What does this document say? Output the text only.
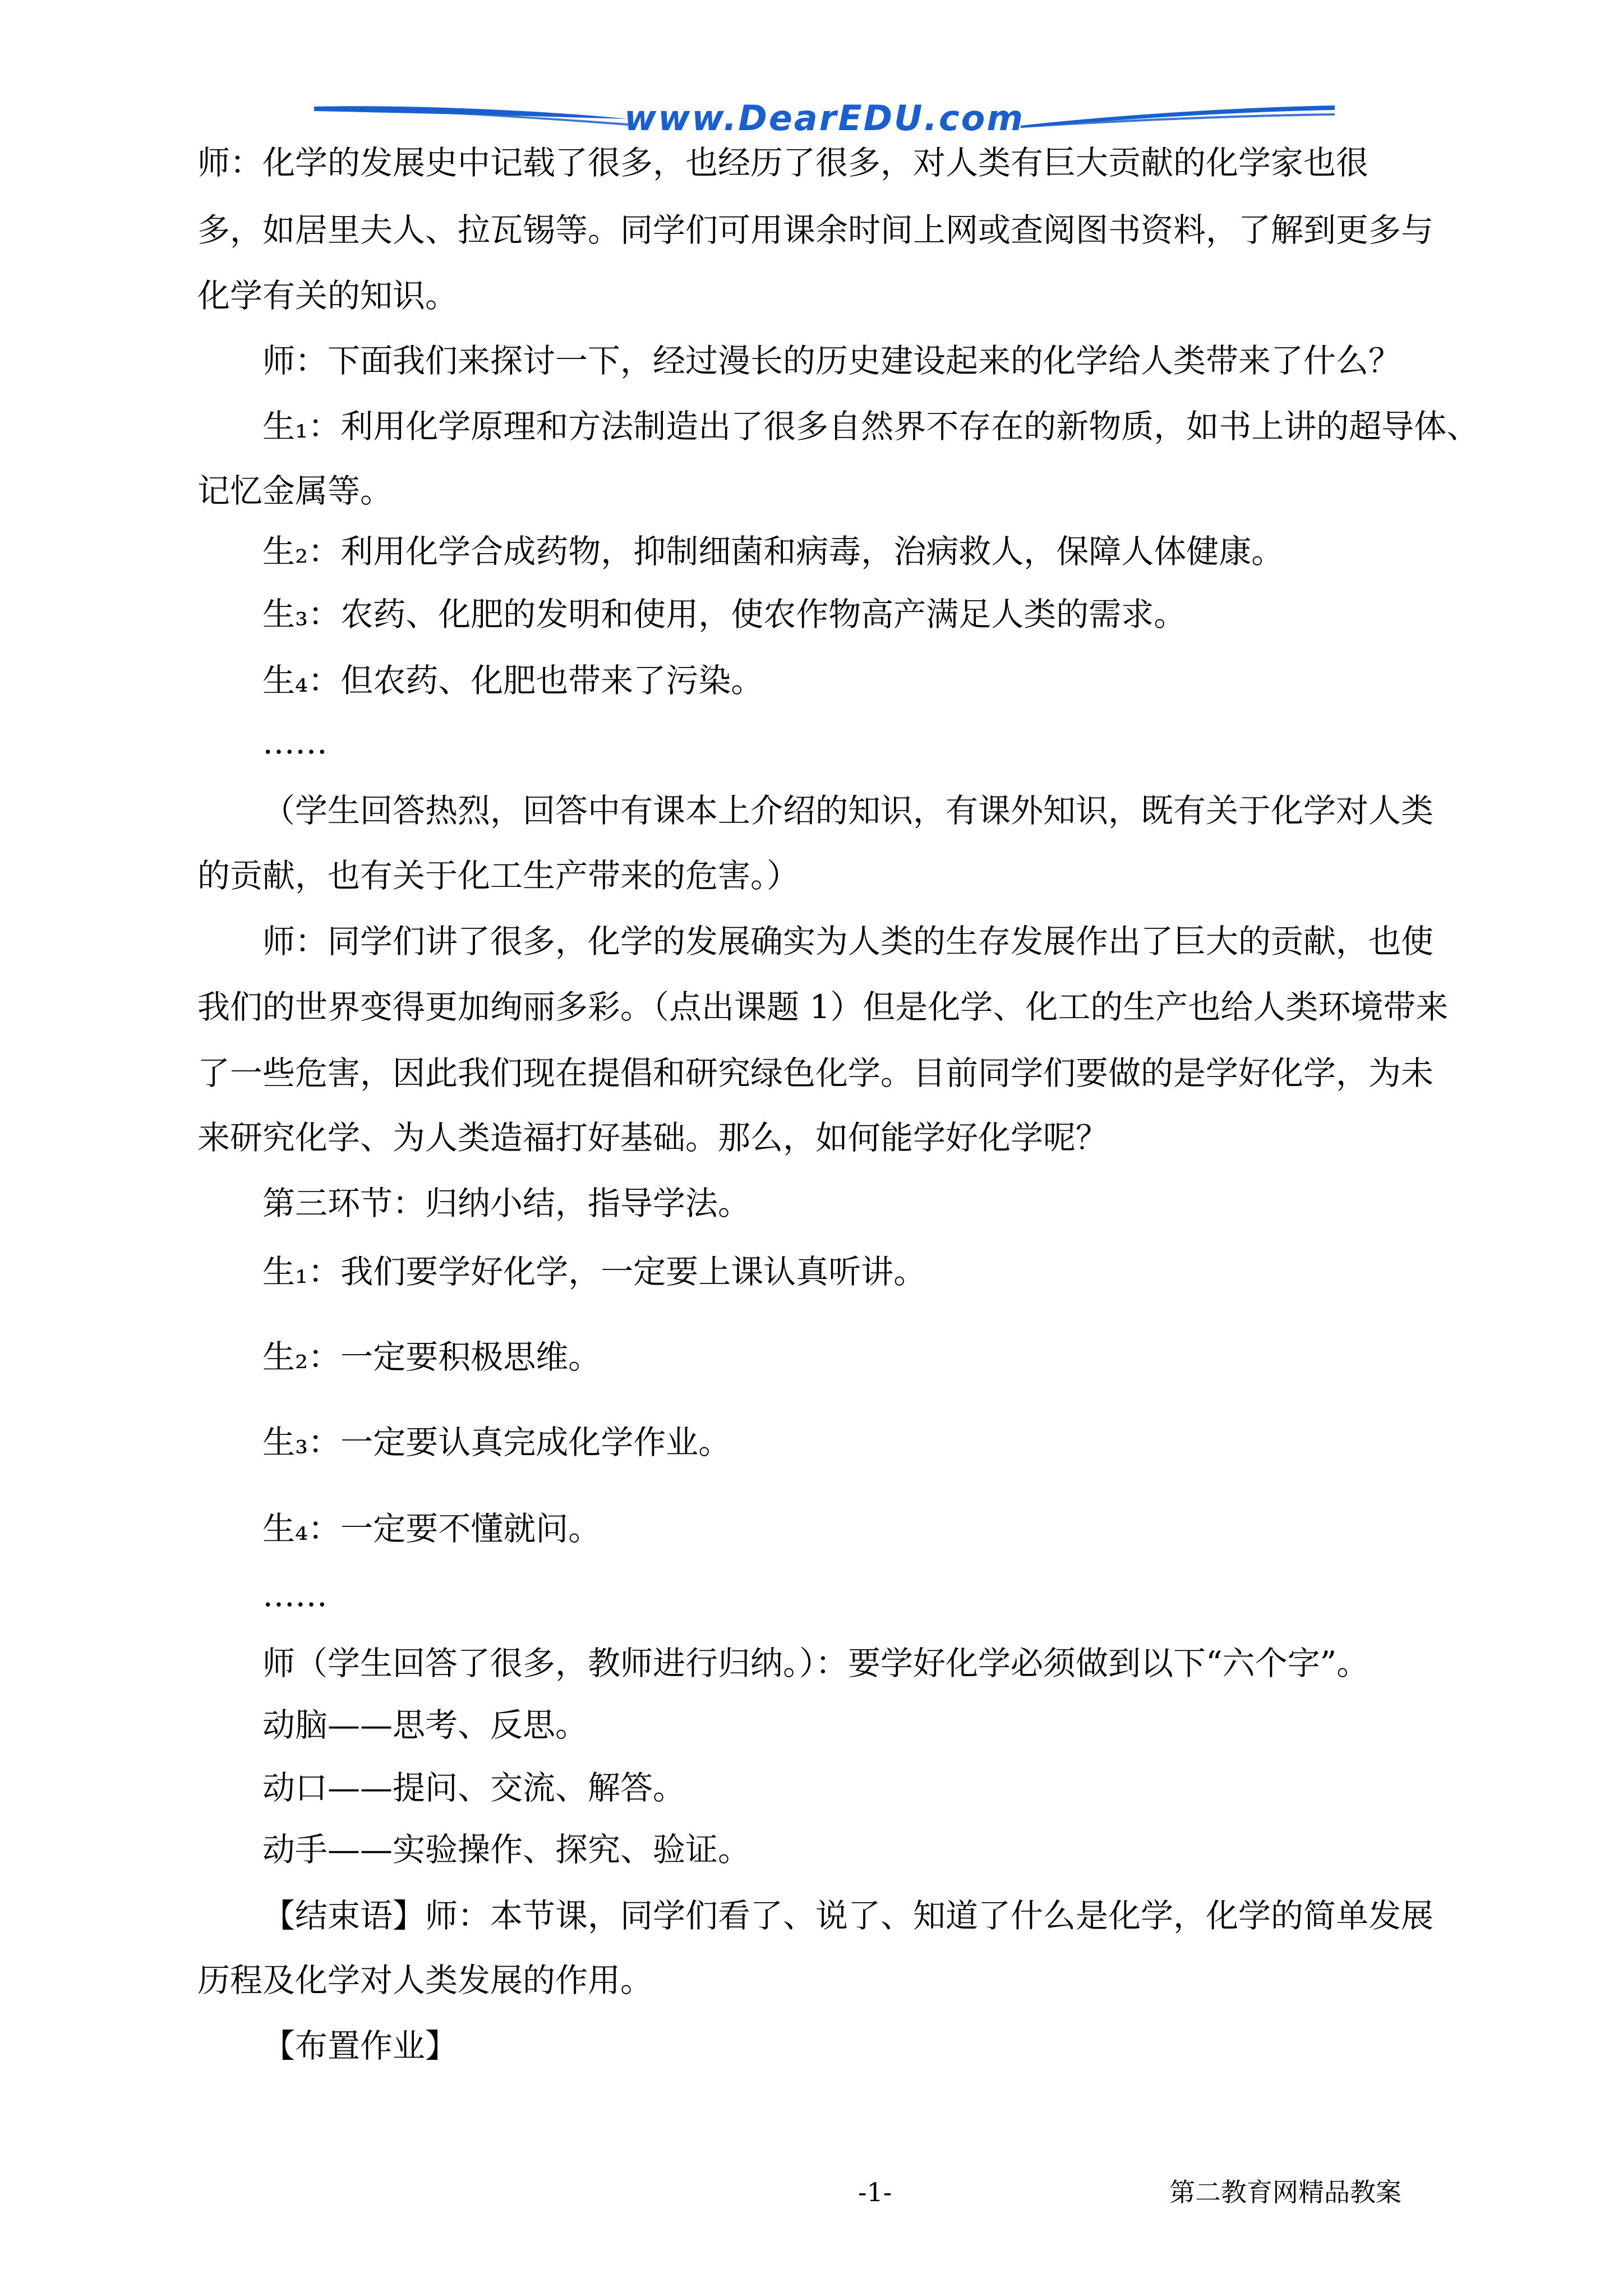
www.DearEDU.com
师：化学的发展史中记载了很多，也经历了很多，对人类有巨大贡献的化学家也很
多，如居里夫人、拉瓦锡等。同学们可用课余时间上网或查阅图书资料，了解到更多与
化学有关的知识。
师：下面我们来探讨一下，经过漫长的历史建设起来的化学给人类带来了什么？
生₁：利用化学原理和方法制造出了很多自然界不存在的新物质，如书上讲的超导体、
记忆金属等。
生₂：利用化学合成药物，抑制细菌和病毒，治病救人，保障人体健康。
生₃：农药、化肥的发明和使用，使农作物高产满足人类的需求。
生₄：但农药、化肥也带来了污染。
……
（学生回答热烈，回答中有课本上介绍的知识，有课外知识，既有关于化学对人类
的贡献，也有关于化工生产带来的危害。）
师：同学们讲了很多，化学的发展确实为人类的生存发展作出了巨大的贡献，也使
我们的世界变得更加绚丽多彩。（点出课题 1）但是化学、化工的生产也给人类环境带来
了一些危害，因此我们现在提倡和研究绿色化学。目前同学们要做的是学好化学，为未
来研究化学、为人类造福打好基础。那么，如何能学好化学呢？
第三环节：归纳小结，指导学法。
生₁：我们要学好化学，一定要上课认真听讲。
生₂：一定要积极思维。
生₃：一定要认真完成化学作业。
生₄：一定要不懂就问。
……
师（学生回答了很多，教师进行归纳。）：要学好化学必须做到以下“六个字”。
动脑——思考、反思。
动口——提问、交流、解答。
动手——实验操作、探究、验证。
【结束语】师：本节课，同学们看了、说了、知道了什么是化学，化学的简单发展
历程及化学对人类发展的作用。
【布置作业】
-1-	第二教育网精品教案
